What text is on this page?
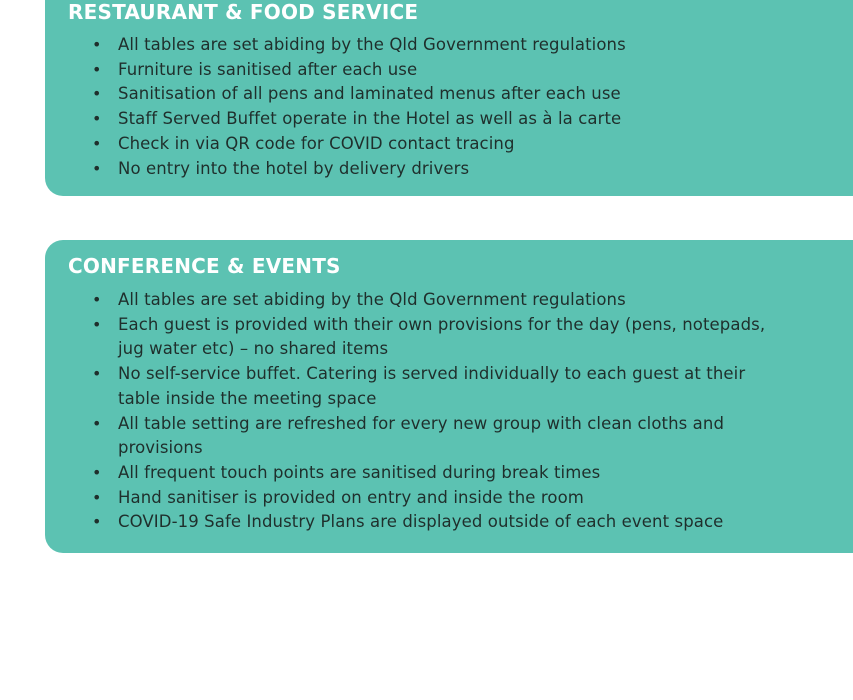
RESTAURANT & FOOD SERVICE
• All tables are set abiding by the Qld Government regulations
• Furniture is sanitised after each use
• Sanitisation of all pens and laminated menus after each use
• Staff Served Buffet operate in the Hotel as well as à la carte
• Check in via QR code for COVID contact tracing
• No entry into the hotel by delivery drivers
CONFERENCE & EVENTS
• All tables are set abiding by the Qld Government regulations
• Each guest is provided with their own provisions for the day (pens, notepads, jug water etc) – no shared items
• No self-service buffet. Catering is served individually to each guest at their table inside the meeting space
• All table setting are refreshed for every new group with clean cloths and provisions
• All frequent touch points are sanitised during break times
• Hand sanitiser is provided on entry and inside the room
• COVID-19 Safe Industry Plans are displayed outside of each event space
